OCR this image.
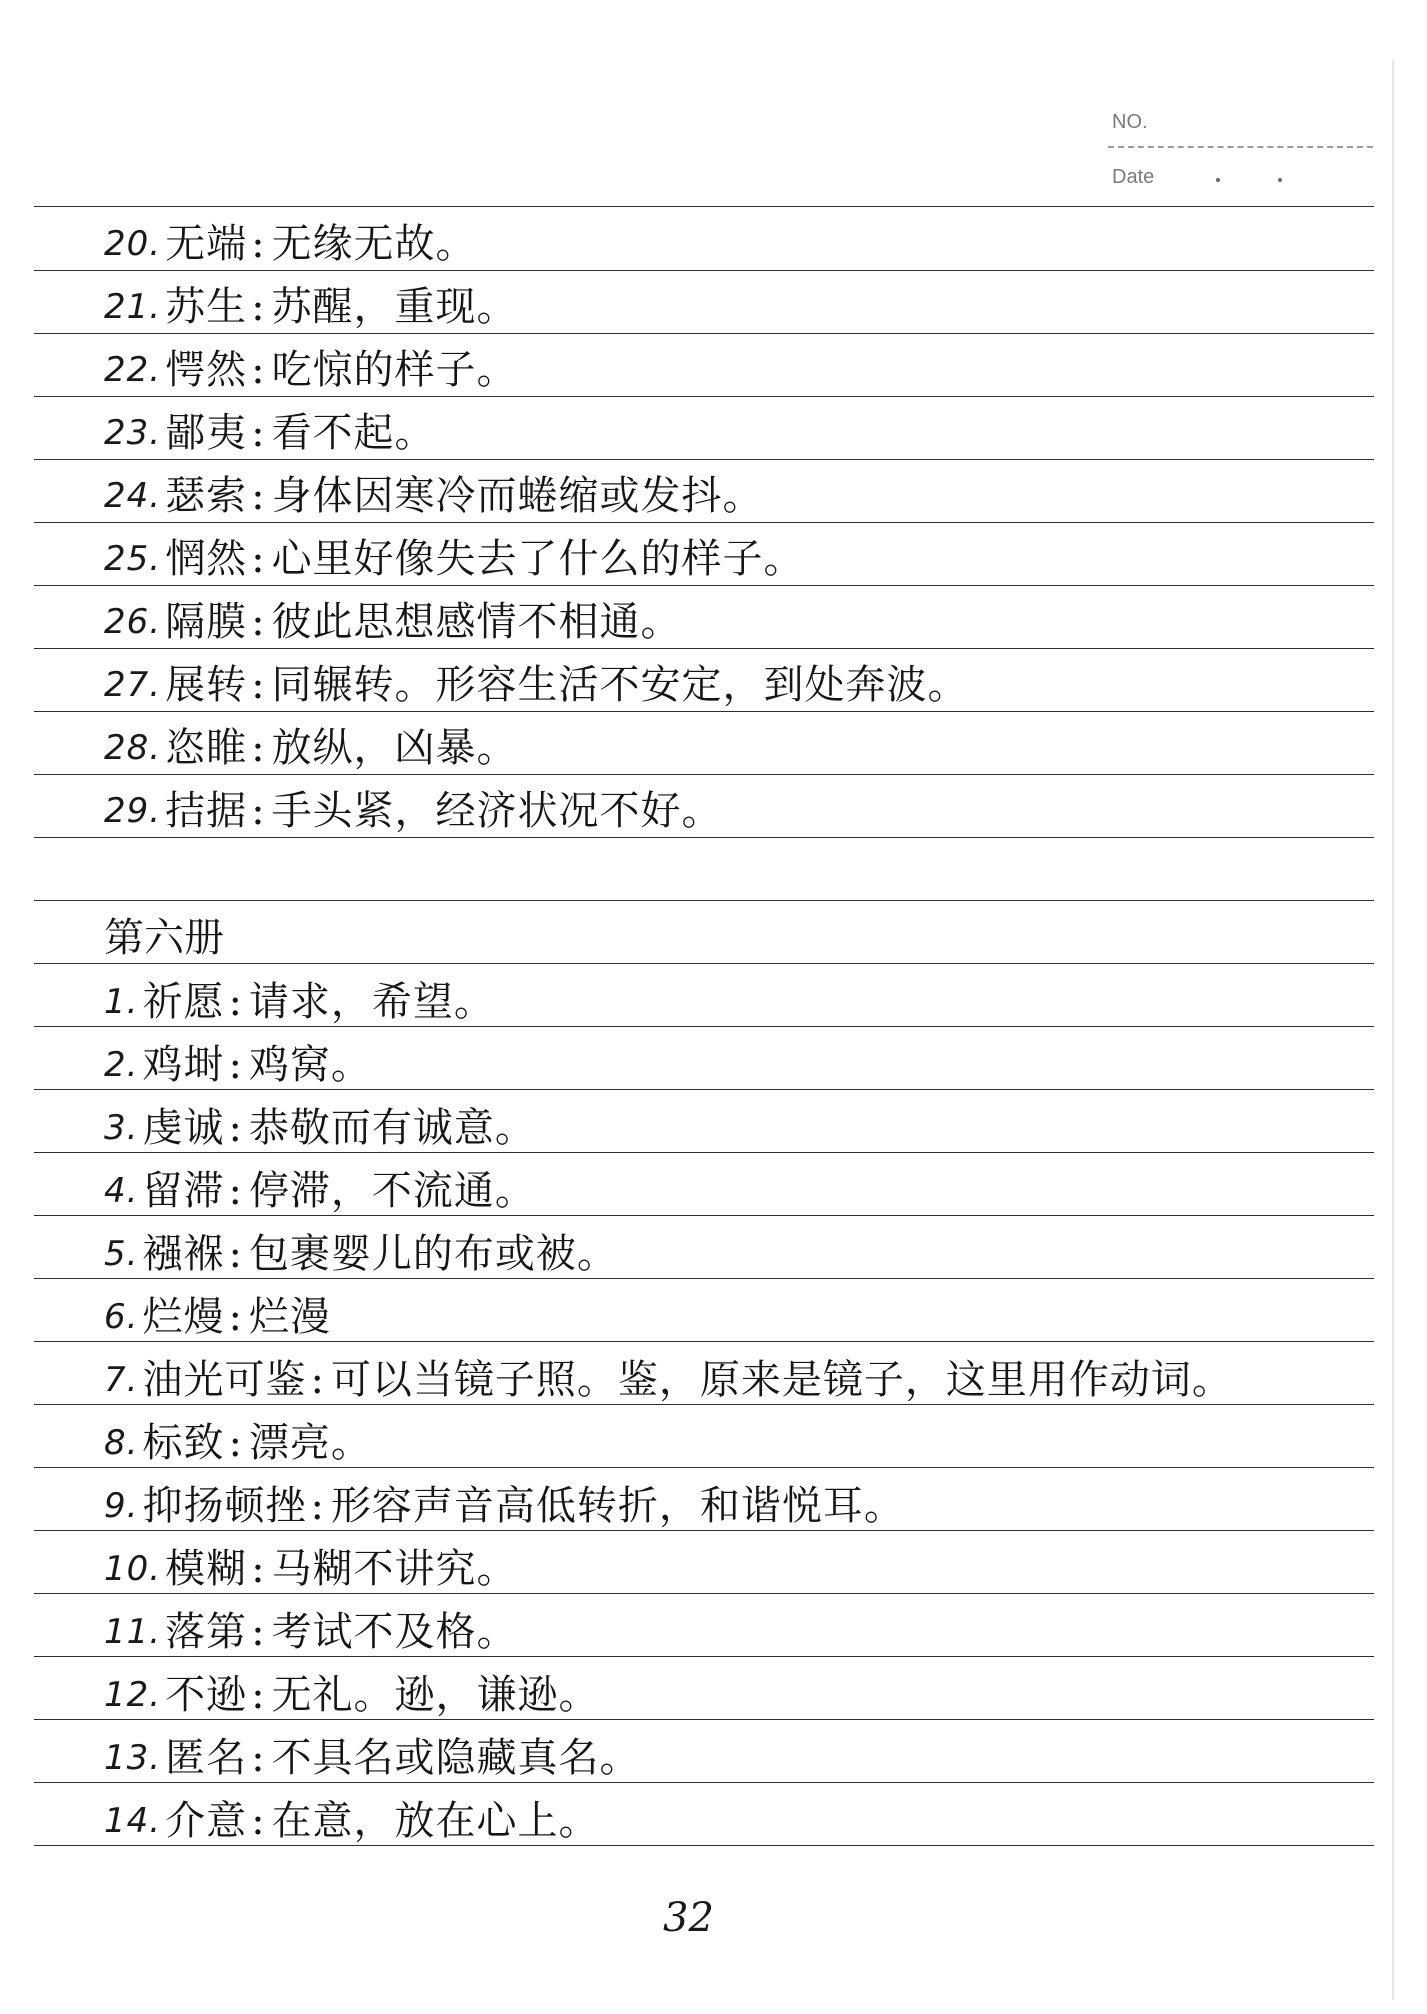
NO.
Date
20. 无端 : 无缘无故。
21. 苏生 : 苏醒，重现。
22. 愕然 : 吃惊的样子。
23. 鄙夷 : 看不起。
24. 瑟索 : 身体因寒冷而蜷缩或发抖。
25. 惘然 : 心里好像失去了什么的样子。
26. 隔膜 : 彼此思想感情不相通。
27. 展转 : 同辗转。形容生活不安定，到处奔波。
28. 恣睢 : 放纵，凶暴。
29. 拮据 : 手头紧，经济状况不好。
第六册
1. 祈愿 : 请求，希望。
2. 鸡埘 : 鸡窝。
3. 虔诚 : 恭敬而有诚意。
4. 留滞 : 停滞，不流通。
5. 襁褓 : 包裹婴儿的布或被。
6. 烂熳 : 烂漫
7. 油光可鉴 : 可以当镜子照。鉴，原来是镜子，这里用作动词。
8. 标致 : 漂亮。
9. 抑扬顿挫 : 形容声音高低转折，和谐悦耳。
10. 模糊 : 马糊不讲究。
11. 落第 : 考试不及格。
12. 不逊 : 无礼。逊，谦逊。
13. 匿名 : 不具名或隐藏真名。
14. 介意 : 在意，放在心上。
32
